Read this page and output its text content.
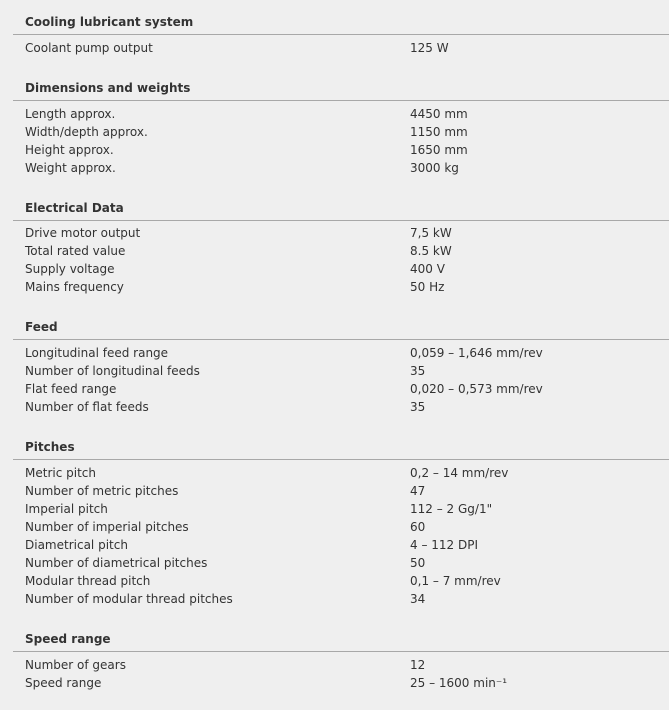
Cooling lubricant system
Coolant pump output	125 W
Dimensions and weights
Length approx.	4450 mm
Width/depth approx.	1150 mm
Height approx.	1650 mm
Weight approx.	3000 kg
Electrical Data
Drive motor output	7,5 kW
Total rated value	8.5 kW
Supply voltage	400 V
Mains frequency	50 Hz
Feed
Longitudinal feed range	0,059 – 1,646 mm/rev
Number of longitudinal feeds	35
Flat feed range	0,020 – 0,573 mm/rev
Number of flat feeds	35
Pitches
Metric pitch	0,2 – 14 mm/rev
Number of metric pitches	47
Imperial pitch	112 – 2 Gg/1"
Number of imperial pitches	60
Diametrical pitch	4 – 112 DPI
Number of diametrical pitches	50
Modular thread pitch	0,1 – 7 mm/rev
Number of modular thread pitches	34
Speed range
Number of gears	12
Speed range	25 – 1600 min⁻¹
